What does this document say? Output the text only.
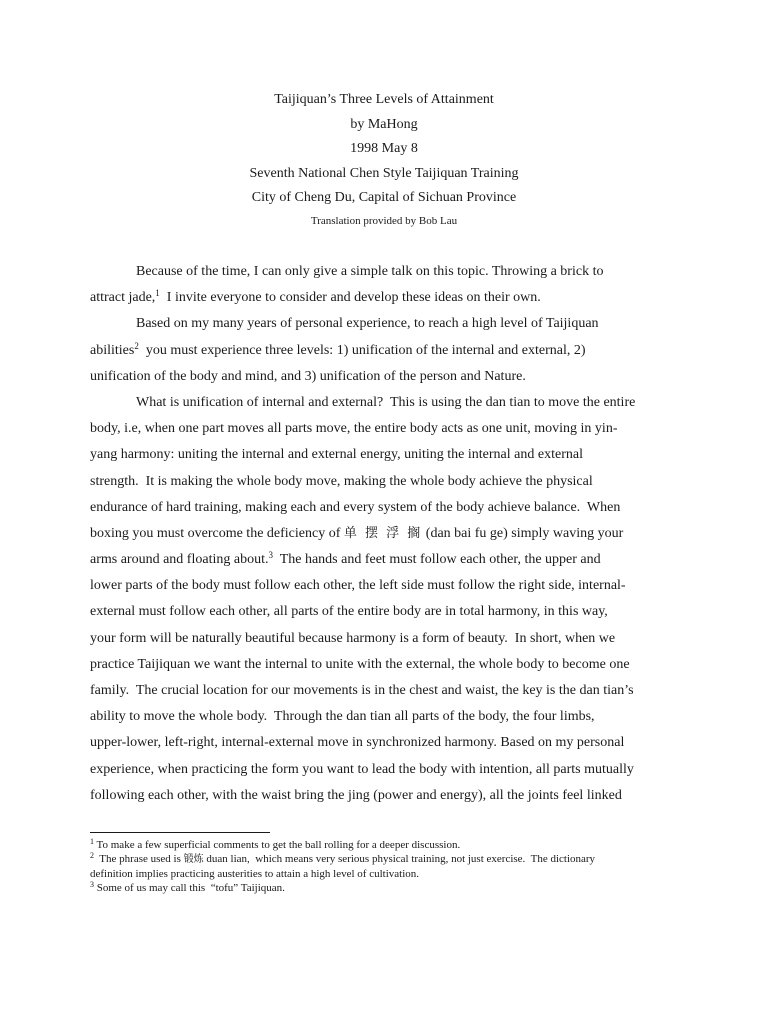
Taijiquan’s Three Levels of Attainment
by MaHong
1998 May 8
Seventh National Chen Style Taijiquan Training
City of Cheng Du, Capital of Sichuan Province
Translation provided by Bob Lau
Because of the time, I can only give a simple talk on this topic. Throwing a brick to
attract jade,$^1$  I invite everyone to consider and develop these ideas on their own.
Based on my many years of personal experience, to reach a high level of Taijiquan
abilities$^2$  you must experience three levels: 1) unification of the internal and external, 2)
unification of the body and mind, and 3) unification of the person and Nature.
What is unification of internal and external?  This is using the dan tian to move the entire
body, i.e, when one part moves all parts move, the entire body acts as one unit, moving in yin-
yang harmony: uniting the internal and external energy, uniting the internal and external
strength.  It is making the whole body move, making the whole body achieve the physical
endurance of hard training, making each and every system of the body achieve balance.  When
boxing you must overcome the deficiency of 单 摆 浮 搁 (dan bai fu ge) simply waving your
arms around and floating about.$^3$  The hands and feet must follow each other, the upper and
lower parts of the body must follow each other, the left side must follow the right side, internal-
external must follow each other, all parts of the entire body are in total harmony, in this way,
your form will be naturally beautiful because harmony is a form of beauty.  In short, when we
practice Taijiquan we want the internal to unite with the external, the whole body to become one
family.  The crucial location for our movements is in the chest and waist, the key is the dan tian’s
ability to move the whole body.  Through the dan tian all parts of the body, the four limbs,
upper-lower, left-right, internal-external move in synchronized harmony. Based on my personal
experience, when practicing the form you want to lead the body with intention, all parts mutually
following each other, with the waist bring the jing (power and energy), all the joints feel linked
$^1$ To make a few superficial comments to get the ball rolling for a deeper discussion.
$^2$  The phrase used is 锻炼 duan lian,  which means very serious physical training, not just exercise.  The dictionary
definition implies practicing austerities to attain a high level of cultivation.
$^3$ Some of us may call this  “tofu” Taijiquan.
